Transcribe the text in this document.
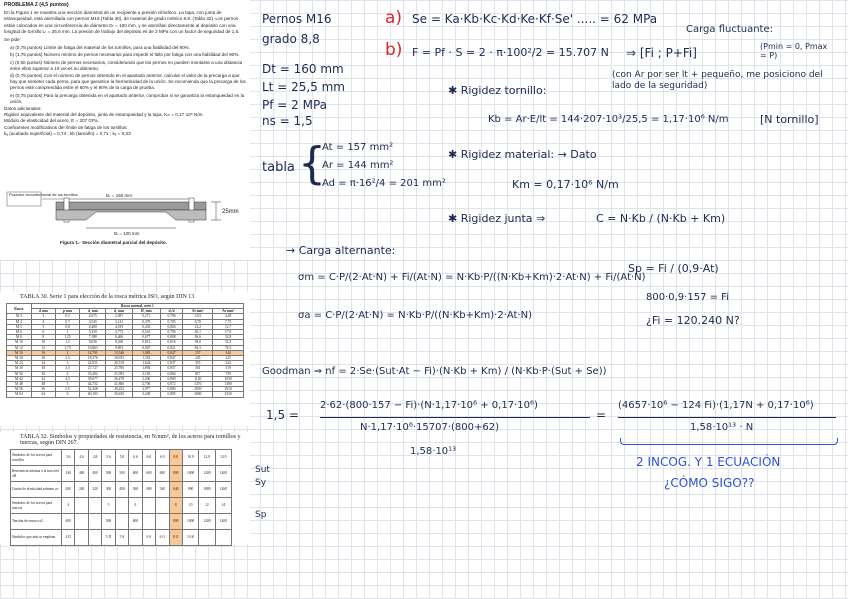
PROBLEMA 2 (4,5 puntos)

En la Figura 1 se muestra una sección diametral de un recipiente a presión cilíndrico. La tapa, con junta de estanqueidad, está atornillada con pernos M16 (Tabla 30), de material de grado métrico 8.8, (Tabla 32). Los pernos están colocados en una circunferencia de diámetro Dₜ = 160 mm, y se atornillan directamente al depósito con una longitud de tornillo Lₜ = 25,5 mm. La presión de trabajo del depósito es de 2 MPa con un factor de seguridad de 1,5.

Se pide:

a) (0,75 puntos) Límite de fatiga del material de los tornillos, para una fiabilidad del 90%.

b) (1,75 puntos) Número mínimo de pernos necesarios para impedir el fallo por fatiga con una fiabilidad del 90%.

c) (0,50 puntos) Número de pernos necesarios, considerando que los pernos no pueden montarse a una distancia entre ellos superior a 10 veces su diámetro.

d) (0,75 puntos) Con el número de pernos obtenido en el apartado anterior, calcular el valor de la precarga a que hay que someter cada perno, para que garantice la hermeticidad de la unión. Se recomienda que la precarga de los pernos esté comprendida entre el 60% y el 90% de la carga de prueba.

e) (0,75 puntos) Para la precarga obtenida en el apartado anterior, comprobar si se garantiza la estanqueidad en la unión.

Datos adicionales:
Rigidez equivalente del material del depósito, junta de estanqueidad y la tapa, Kₘ = 0,17·10⁶ N/m.
Módulo de elasticidad del acero, E = 207 GPa.
Coeficientes modificativos del límite de fatiga de los tornillos:
kₐ (acabado superficial) = 0,73 ; kb (tamaño) = 0,71 ; kₑ = 0,33
Posición circunferencial de los tornillos	Dₜ = 160 mm
Dᵢ = 100 mm
25mm
Figura 1.- Sección diametral parcial del depósito.
TABLA 30. Serie 1 para elección de la rosca métrica ISO, según DIN 13
Rosca	Rosca normal, serie 1							
	d mm	p mm	d₂ mm	d₃ mm	H₁ mm	d₃/d	At mm²	Ar mm²
M 3	3	0,5	2,675	2,387	0,271	0,796	5,03	4,48
M 4	4	0,7	3,545	3,141	0,379	0,785	8,78	7,75
M 5	5	0,8	4,480	4,019	0,433	0,804	14,2	12,7
M 6	6	1	5,350	4,773	0,541	0,796	20,1	17,9
M 8	8	1,25	7,188	6,466	0,677	0,808	36,6	32,8
M 10	10	1,5	9,026	8,160	0,812	0,816	58,0	52,3
M 12	12	1,75	10,863	9,853	0,947	0,821	84,3	76,3
M 16	16	2	14,701	13,546	1,083	0,847	157	144
M 20	20	2,5	18,376	16,933	1,353	0,847	245	225
M 24	24	3	22,051	20,319	1,624	0,847	353	324
M 30	30	3,5	27,727	25,706	1,894	0,857	561	519
M 36	36	4	33,402	31,093	2,165	0,864	817	759
M 42	42	4,5	39,077	36,479	2,436	0,869	1120	1050
M 48	48	5	44,752	41,866	2,706	0,872	1470	1380
M 56	56	5,5	52,428	49,252	2,977	0,880	2030	1910
M 64	64	6	60,103	56,639	3,248	0,885	2680	2520
TABLA 32. Símbolos y propiedades de resistencia, en N/mm², de los aceros para tornillos y tuercas, según DIN 267.
Símbolos de los aceros para tornillos	3.6	4.6	4.8	5.6	5.8	6.6	6.8	6.9	8.8	10.9	12.9	14.9
Resistencia mínima a la tracción σB	340	400	400	500	500	600	600	600	800	1000	1200	1400
Límite de elasticidad mínimo σs	200	240	320	300	400	360	480	540	640	900	1080	1260
Símbolos de los aceros para tuercas	4			5		6			8	10	12	14
Tensión de ensayo σL	400			500		600			800	1000	1200	1400
Símbolos que más se emplean	4 D			5 D	5 S		6 S	6 G	8 G	10 K		
Sut
Sy
Sp
Pernos M16
grado 8,8
Dt = 160 mm
Lt = 25,5 mm
Pf = 2 MPa
ns = 1,5
tabla {
At = 157 mm²
Ar = 144 mm²
Ad = π·16²/4 = 201 mm²
a) Se = Ka·Kb·Kc·Kd·Ke·Kf·Se' ..... = 62 MPa
Carga fluctuante:
b) F = Pf · S = 2 · π·100²/2 = 15.707 N ⇒ [Fi ; P+Fi]	(Pmin = 0, Pmax = P)
✱ Rigidez tornillo:
(con Ar por ser lt + pequeño, me posiciono del lado de la seguridad)
Kb = Ar·E/lt = 144·207·10³/25,5 = 1,17·10⁶ N/m	[N tornillo]
✱ Rigidez material: → Dato
Km = 0,17·10⁶ N/m
✱ Rigidez junta ⇒	C = N·Kb / (N·Kb + Km)
→ Carga alternante:
σm = C·P/(2·At·N) + Fi/(At·N) = N·Kb·P/((N·Kb+Km)·2·At·N) + Fi/(At·N)
σa = C·P/(2·At·N) = N·Kb·P/((N·Kb+Km)·2·At·N)
Sp = Fi / (0,9·At)
800·0,9·157 = Fi
¿Fi = 120.240 N?
Goodman ⇒ nf = 2·Se·(Sut·At − Fi)·(N·Kb + Km) / (N·Kb·P·(Sut + Se))
1,5 =
2·62·(800·157 − Fi)·(N·1,17·10⁶ + 0,17·10⁶)
N·1,17·10⁶·15707·(800+62)
1,58·10¹³
=
(4657·10⁶ − 124 Fi)·(1,17N + 0,17·10⁶)
1,58·10¹³ · N
2 INCOG. Y 1 ECUACIÓN
¿CÓMO SIGO??
